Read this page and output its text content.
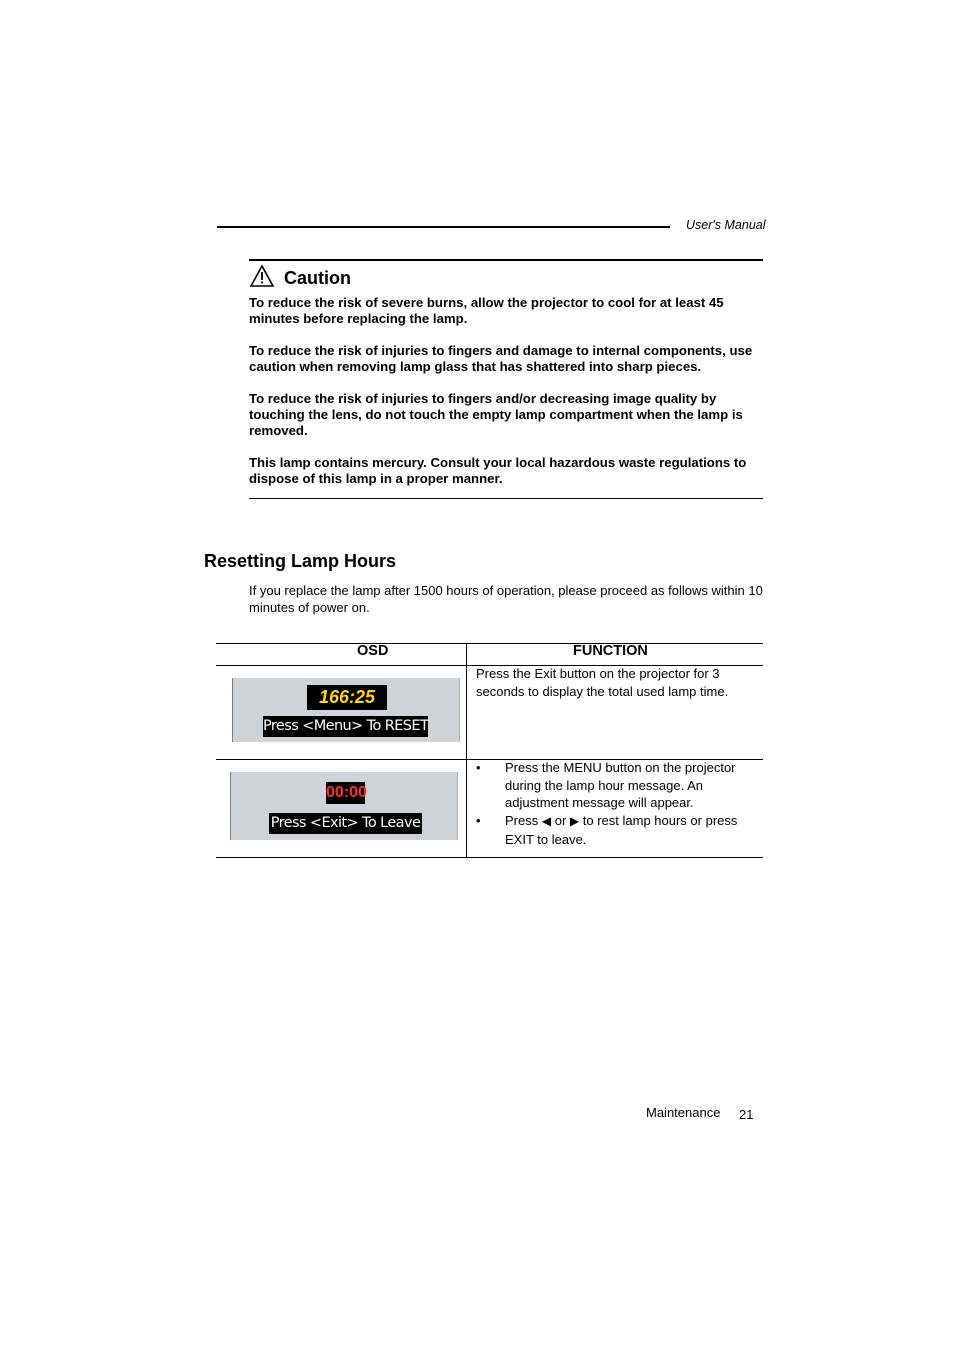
User's Manual
Caution
To reduce the risk of severe burns, allow the projector to cool for at least 45 minutes before replacing the lamp.
To reduce the risk of injuries to fingers and damage to internal components, use caution when removing lamp glass that has shattered into sharp pieces.
To reduce the risk of injuries to fingers and/or decreasing image quality by touching the lens, do not touch the empty lamp compartment when the lamp is removed.
This lamp contains mercury. Consult your local hazardous waste regulations to dispose of this lamp in a proper manner.
Resetting Lamp Hours
If you replace the lamp after 1500 hours of operation, please proceed as follows within 10 minutes of power on.
OSD	FUNCTION
166:25
Press <Menu> To RESET
Press the Exit button on the projector for 3 seconds to display the total used lamp time.
00:00
Press <Exit> To Leave
• Press the MENU button on the projector during the lamp hour message. An adjustment message will appear.
• Press ◀ or ▶ to rest lamp hours or press EXIT to leave.
Maintenance 21
